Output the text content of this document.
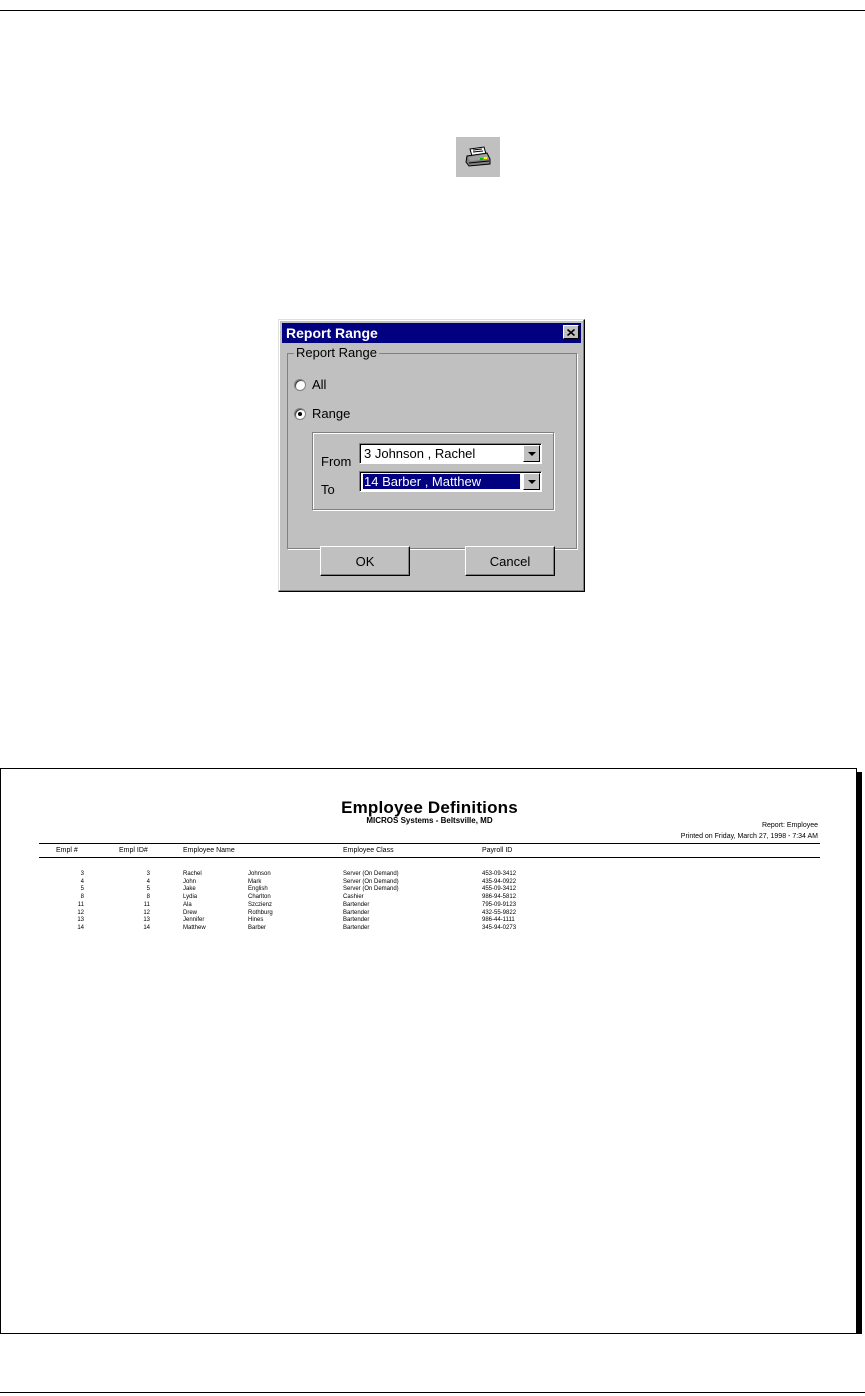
Report Range
Report Range
All
Range
From
3 Johnson , Rachel
To
14 Barber , Matthew
OK	Cancel
Employee Definitions
MICROS Systems - Beltsville, MD
Report: Employee
Printed on Friday, March 27, 1998 - 7:34 AM
Empl #	Empl ID#	Employee Name	Employee Class	Payroll ID
3	3	Rachel	Johnson	Server (On Demand)	453-09-3412
4	4	John	Mark	Server (On Demand)	435-94-0922
5	5	Jake	English	Server (On Demand)	455-09-3412
8	8	Lydia	Charlton	Cashier	986-94-5812
11	11	Ala	Szczienz	Bartender	795-09-9123
12	12	Drew	Rothburg	Bartender	432-55-9822
13	13	Jennifer	Hines	Bartender	986-44-1111
14	14	Matthew	Barber	Bartender	345-94-0273
